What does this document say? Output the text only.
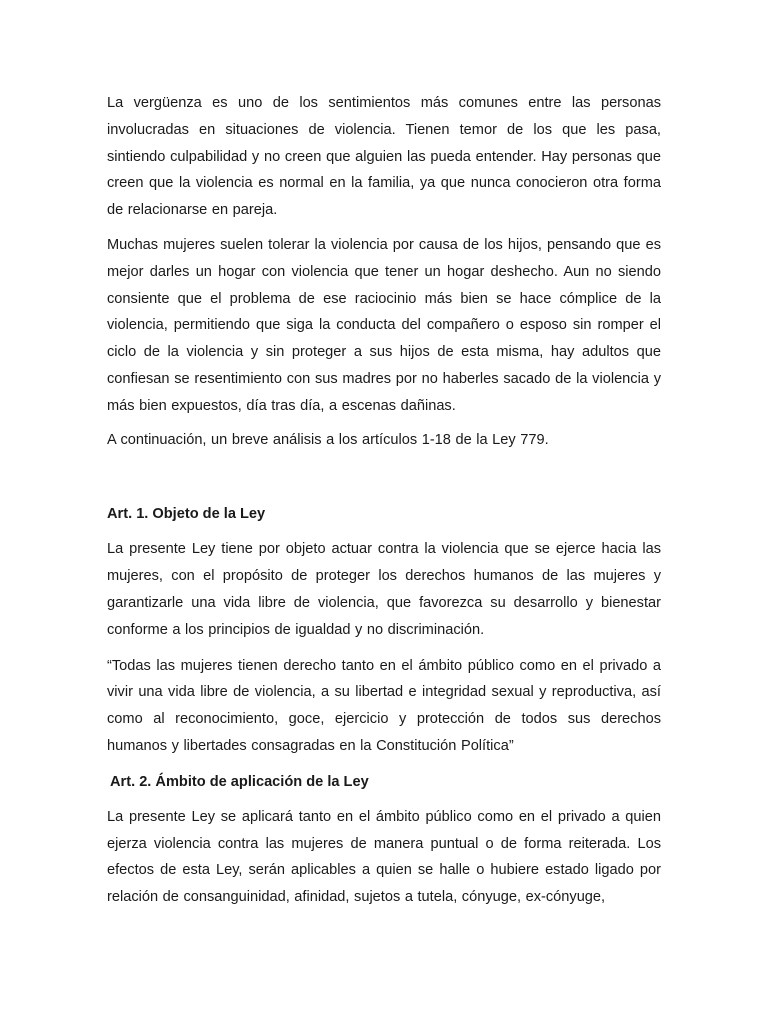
La vergüenza es uno de los sentimientos más comunes entre las personas involucradas en situaciones de violencia. Tienen temor de los que les pasa, sintiendo culpabilidad y no creen que alguien las pueda entender. Hay personas que creen que la violencia es normal en la familia, ya que nunca conocieron otra forma de relacionarse en pareja.

Muchas mujeres suelen tolerar la violencia por causa de los hijos, pensando que es mejor darles un hogar con violencia que tener un hogar deshecho. Aun no siendo consiente que el problema de ese raciocinio más bien se hace cómplice de la violencia, permitiendo que siga la conducta del compañero o esposo sin romper el ciclo de la violencia y sin proteger a sus hijos de esta misma, hay adultos que confiesan se resentimiento con sus madres por no haberles sacado de la violencia y más bien expuestos, día tras día, a escenas dañinas.

A continuación, un breve análisis a los artículos 1-18 de la Ley 779.

Art. 1. Objeto de la Ley

La presente Ley tiene por objeto actuar contra la violencia que se ejerce hacia las mujeres, con el propósito de proteger los derechos humanos de las mujeres y garantizarle una vida libre de violencia, que favorezca su desarrollo y bienestar conforme a los principios de igualdad y no discriminación.

“Todas las mujeres tienen derecho tanto en el ámbito público como en el privado a vivir una vida libre de violencia, a su libertad e integridad sexual y reproductiva, así como al reconocimiento, goce, ejercicio y protección de todos sus derechos humanos y libertades consagradas en la Constitución Política”

Art. 2. Ámbito de aplicación de la Ley

La presente Ley se aplicará tanto en el ámbito público como en el privado a quien ejerza violencia contra las mujeres de manera puntual o de forma reiterada. Los efectos de esta Ley, serán aplicables a quien se halle o hubiere estado ligado por relación de consanguinidad, afinidad, sujetos a tutela, cónyuge, ex-cónyuge,
